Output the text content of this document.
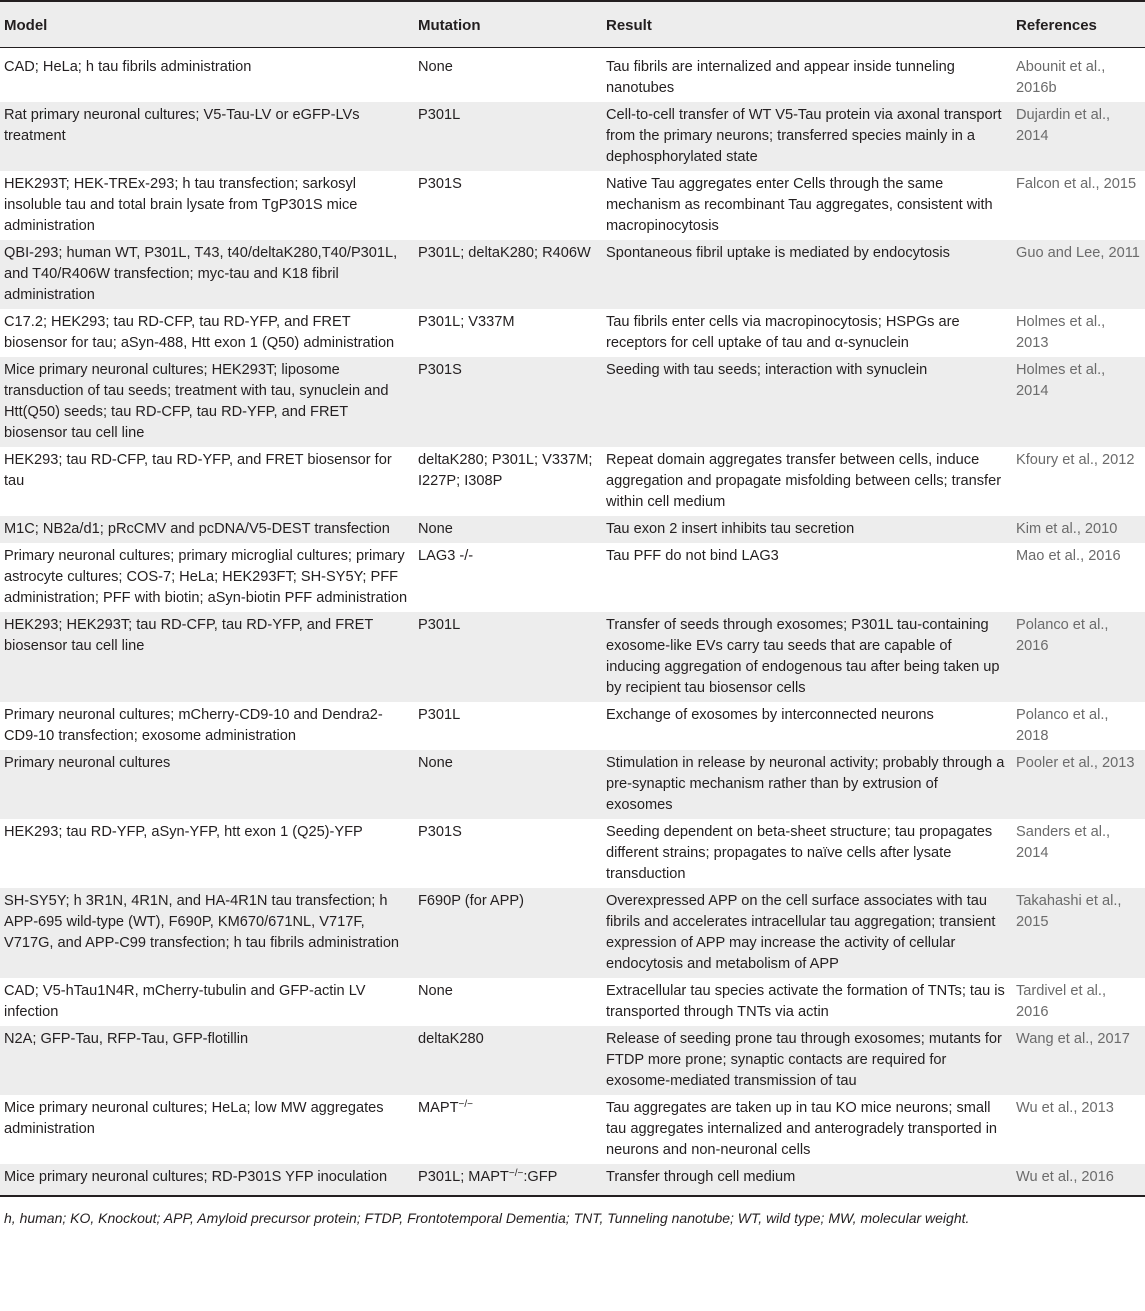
Model	Mutation	Result	References
CAD; HeLa; h tau fibrils administration	None	Tau fibrils are internalized and appear inside tunneling nanotubes	Abounit et al., 2016b
Rat primary neuronal cultures; V5-Tau-LV or eGFP-LVs treatment	P301L	Cell-to-cell transfer of WT V5-Tau protein via axonal transport from the primary neurons; transferred species mainly in a dephosphorylated state	Dujardin et al., 2014
HEK293T; HEK-TREx-293; h tau transfection; sarkosyl insoluble tau and total brain lysate from TgP301S mice administration	P301S	Native Tau aggregates enter Cells through the same mechanism as recombinant Tau aggregates, consistent with macropinocytosis	Falcon et al., 2015
QBI-293; human WT, P301L, T43, t40/deltaK280,T40/P301L, and T40/R406W transfection; myc-tau and K18 fibril administration	P301L; deltaK280; R406W	Spontaneous fibril uptake is mediated by endocytosis	Guo and Lee, 2011
C17.2; HEK293; tau RD-CFP, tau RD-YFP, and FRET biosensor for tau; aSyn-488, Htt exon 1 (Q50) administration	P301L; V337M	Tau fibrils enter cells via macropinocytosis; HSPGs are receptors for cell uptake of tau and α-synuclein	Holmes et al., 2013
Mice primary neuronal cultures; HEK293T; liposome transduction of tau seeds; treatment with tau, synuclein and Htt(Q50) seeds; tau RD-CFP, tau RD-YFP, and FRET biosensor tau cell line	P301S	Seeding with tau seeds; interaction with synuclein	Holmes et al., 2014
HEK293; tau RD-CFP, tau RD-YFP, and FRET biosensor for tau	deltaK280; P301L; V337M; I227P; I308P	Repeat domain aggregates transfer between cells, induce aggregation and propagate misfolding between cells; transfer within cell medium	Kfoury et al., 2012
M1C; NB2a/d1; pRcCMV and pcDNA/V5-DEST transfection	None	Tau exon 2 insert inhibits tau secretion	Kim et al., 2010
Primary neuronal cultures; primary microglial cultures; primary astrocyte cultures; COS-7; HeLa; HEK293FT; SH-SY5Y; PFF administration; PFF with biotin; aSyn-biotin PFF administration	LAG3 -/-	Tau PFF do not bind LAG3	Mao et al., 2016
HEK293; HEK293T; tau RD-CFP, tau RD-YFP, and FRET biosensor tau cell line	P301L	Transfer of seeds through exosomes; P301L tau-containing exosome-like EVs carry tau seeds that are capable of inducing aggregation of endogenous tau after being taken up by recipient tau biosensor cells	Polanco et al., 2016
Primary neuronal cultures; mCherry-CD9-10 and Dendra2-CD9-10 transfection; exosome administration	P301L	Exchange of exosomes by interconnected neurons	Polanco et al., 2018
Primary neuronal cultures	None	Stimulation in release by neuronal activity; probably through a pre-synaptic mechanism rather than by extrusion of exosomes	Pooler et al., 2013
HEK293; tau RD-YFP, aSyn-YFP, htt exon 1 (Q25)-YFP	P301S	Seeding dependent on beta-sheet structure; tau propagates different strains; propagates to naïve cells after lysate transduction	Sanders et al., 2014
SH-SY5Y; h 3R1N, 4R1N, and HA-4R1N tau transfection; h APP-695 wild-type (WT), F690P, KM670/671NL, V717F, V717G, and APP-C99 transfection; h tau fibrils administration	F690P (for APP)	Overexpressed APP on the cell surface associates with tau fibrils and accelerates intracellular tau aggregation; transient expression of APP may increase the activity of cellular endocytosis and metabolism of APP	Takahashi et al., 2015
CAD; V5-hTau1N4R, mCherry-tubulin and GFP-actin LV infection	None	Extracellular tau species activate the formation of TNTs; tau is transported through TNTs via actin	Tardivel et al., 2016
N2A; GFP-Tau, RFP-Tau, GFP-flotillin	deltaK280	Release of seeding prone tau through exosomes; mutants for FTDP more prone; synaptic contacts are required for exosome-mediated transmission of tau	Wang et al., 2017
Mice primary neuronal cultures; HeLa; low MW aggregates administration	MAPT−/−	Tau aggregates are taken up in tau KO mice neurons; small tau aggregates internalized and anterogradely transported in neurons and non-neuronal cells	Wu et al., 2013
Mice primary neuronal cultures; RD-P301S YFP inoculation	P301L; MAPT−/−:GFP	Transfer through cell medium	Wu et al., 2016
h, human; KO, Knockout; APP, Amyloid precursor protein; FTDP, Frontotemporal Dementia; TNT, Tunneling nanotube; WT, wild type; MW, molecular weight.
